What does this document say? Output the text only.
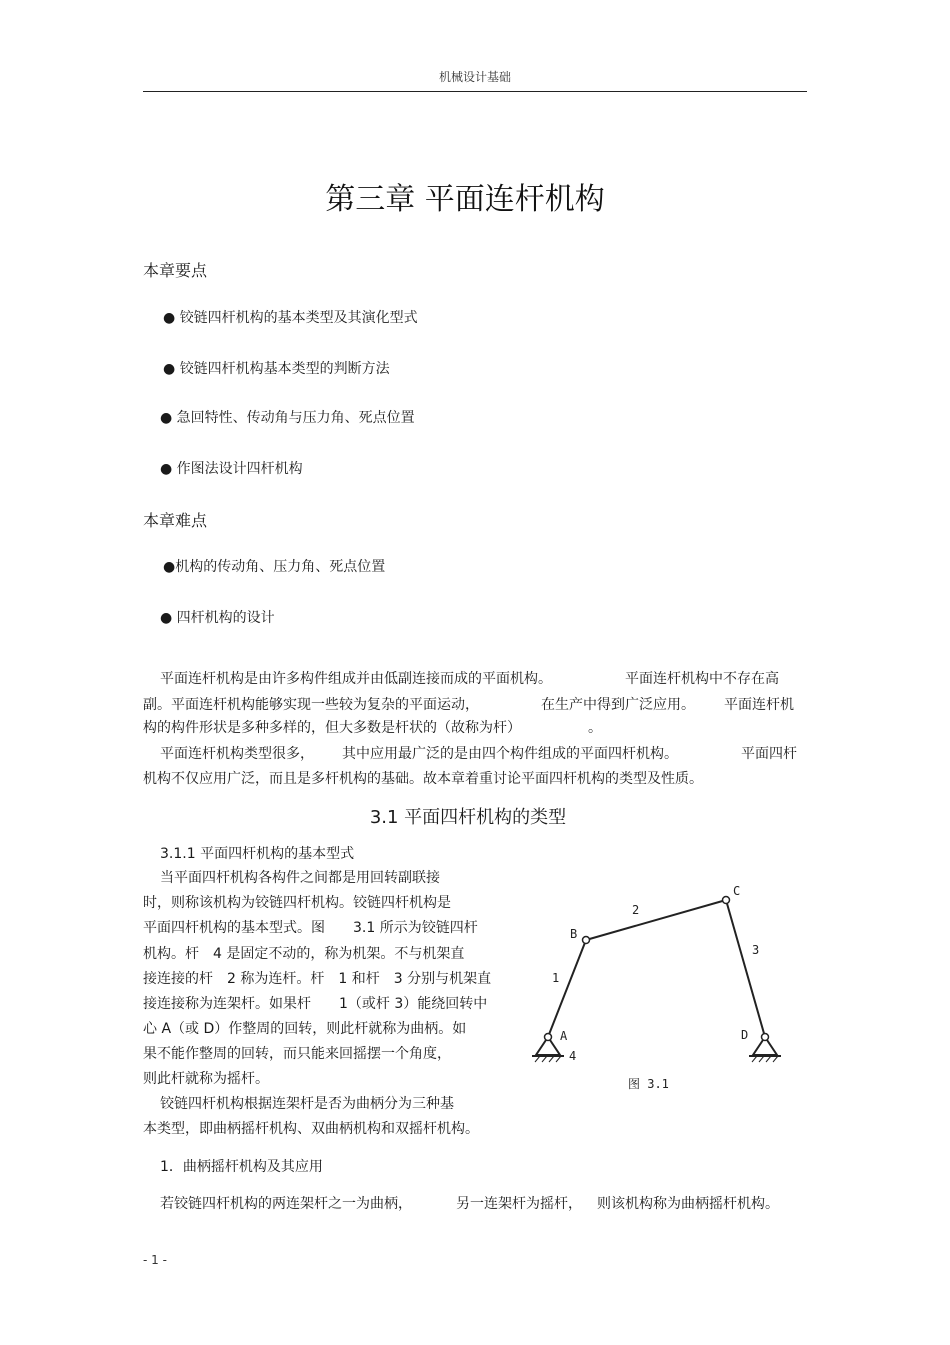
机械设计基础
第三章 平面连杆机构
本章要点
● 铰链四杆机构的基本类型及其演化型式
● 铰链四杆机构基本类型的判断方法
● 急回特性、传动角与压力角、死点位置
● 作图法设计四杆机构
本章难点
●机构的传动角、压力角、死点位置
● 四杆机构的设计
平面连杆机构是由许多构件组成并由低副连接而成的平面机构。	平面连杆机构中不存在高
副。平面连杆机构能够实现一些较为复杂的平面运动，	在生产中得到广泛应用。 平面连杆机
构的构件形状是多种多样的，但大多数是杆状的（故称为杆）	。
平面连杆机构类型很多， 其中应用最广泛的是由四个构件组成的平面四杆机构。	平面四杆
机构不仅应用广泛，而且是多杆机构的基础。故本章着重讨论平面四杆机构的类型及性质。
3.1 平面四杆机构的类型
3.1.1 平面四杆机构的基本型式
当平面四杆机构各构件之间都是用回转副联接
时，则称该机构为铰链四杆机构。铰链四杆机构是
平面四杆机构的基本型式。图　　3.1 所示为铰链四杆
机构。杆　4 是固定不动的，称为机架。不与机架直
接连接的杆　2 称为连杆。杆　1 和杆　3 分别与机架直
接连接称为连架杆。如果杆　　1（或杆 3）能绕回转中
心 A（或 D）作整周的回转，则此杆就称为曲柄。如
果不能作整周的回转，而只能来回摇摆一个角度，
则此杆就称为摇杆。
铰链四杆机构根据连架杆是否为曲柄分为三种基
本类型，即曲柄摇杆机构、双曲柄机构和双摇杆机构。
1．曲柄摇杆机构及其应用
若铰链四杆机构的两连架杆之一为曲柄，	另一连架杆为摇杆， 则该机构称为曲柄摇杆机构。
A
B
C
D
1
2
3
4
图 3.1
- 1 -
